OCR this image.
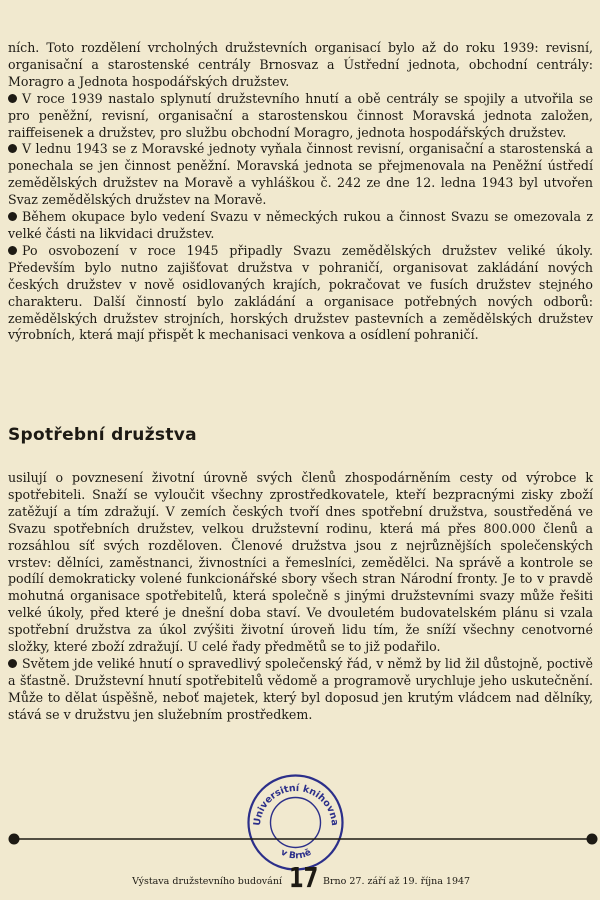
ních. Toto rozdělení vrcholných družstevních organisací bylo až do roku 1939: revisní, organisační a starostenské centrály Brnosvaz a Ústřední jednota, obchodní centrály: Moragro a Jednota hospodářských družstev.

V roce 1939 nastalo splynutí družstevního hnutí a obě centrály se spojily a utvořila se pro peněžní, revisní, organisační a starostenskou činnost Moravská jednota založen, raiffeisenek a družstev, pro službu obchodní Moragro, jednota hospodářských družstev.

V lednu 1943 se z Moravské jednoty vyňala činnost revisní, organisační a starostenská a ponechala se jen činnost peněžní. Moravská jednota se přejmenovala na Peněžní ústředí zemědělských družstev na Moravě a vyhláškou č. 242 ze dne 12. ledna 1943 byl utvořen Svaz zemědělských družstev na Moravě.

Během okupace bylo vedení Svazu v německých rukou a činnost Svazu se omezovala z velké části na likvidaci družstev.

Po osvobození v roce 1945 připadly Svazu zemědělských družstev veliké úkoly. Především bylo nutno zajišťovat družstva v pohraničí, organisovat zakládání nových českých družstev v nově osidlovaných krajích, pokračovat ve fusích družstev stejného charakteru. Další činností bylo zakládání a organisace potřebných nových odborů: zemědělských družstev strojních, horských družstev pastevních a zemědělských družstev výrobních, která mají přispět k mechanisaci venkova a osídlení pohraničí.

Spotřební družstva

usilují o povznesení životní úrovně svých členů zhospodárněním cesty od výrobce k spotřebiteli. Snaží se vyloučit všechny zprostředkovatele, kteří bezpracnými zisky zboží zatěžují a tím zdražují. V zemích českých tvoří dnes spotřební družstva, soustředěná ve Svazu spotřebních družstev, velkou družstevní rodinu, která má přes 800.000 členů a rozsáhlou síť svých rozděloven. Členové družstva jsou z nejrůznějších společenských vrstev: dělníci, zaměstnanci, živnostníci a řemeslníci, zemědělci. Na správě a kontrole se podílí demokraticky volené funkcionářské sbory všech stran Národní fronty. Je to v pravdě mohutná organisace spotřebitelů, která společně s jinými družstevními svazy může řešiti velké úkoly, před které je dnešní doba staví. Ve dvouletém budovatelském plánu si vzala spotřební družstva za úkol zvýšiti životní úroveň lidu tím, že sníží všechny cenotvorné složky, které zboží zdražují. U celé řady předmětů se to již podařilo.

Světem jde veliké hnutí o spravedlivý společenský řád, v němž by lid žil důstojně, poctivě a šťastně. Družstevní hnutí spotřebitelů vědomě a programově urychluje jeho uskutečnění. Může to dělat úspěšně, neboť majetek, který byl doposud jen krutým vládcem nad dělníky, stává se v družstvu jen služebním prostředkem.

Universitní knihovna
v Brně
Výstava družstevního budování 17 Brno 27. září až 19. října 1947
